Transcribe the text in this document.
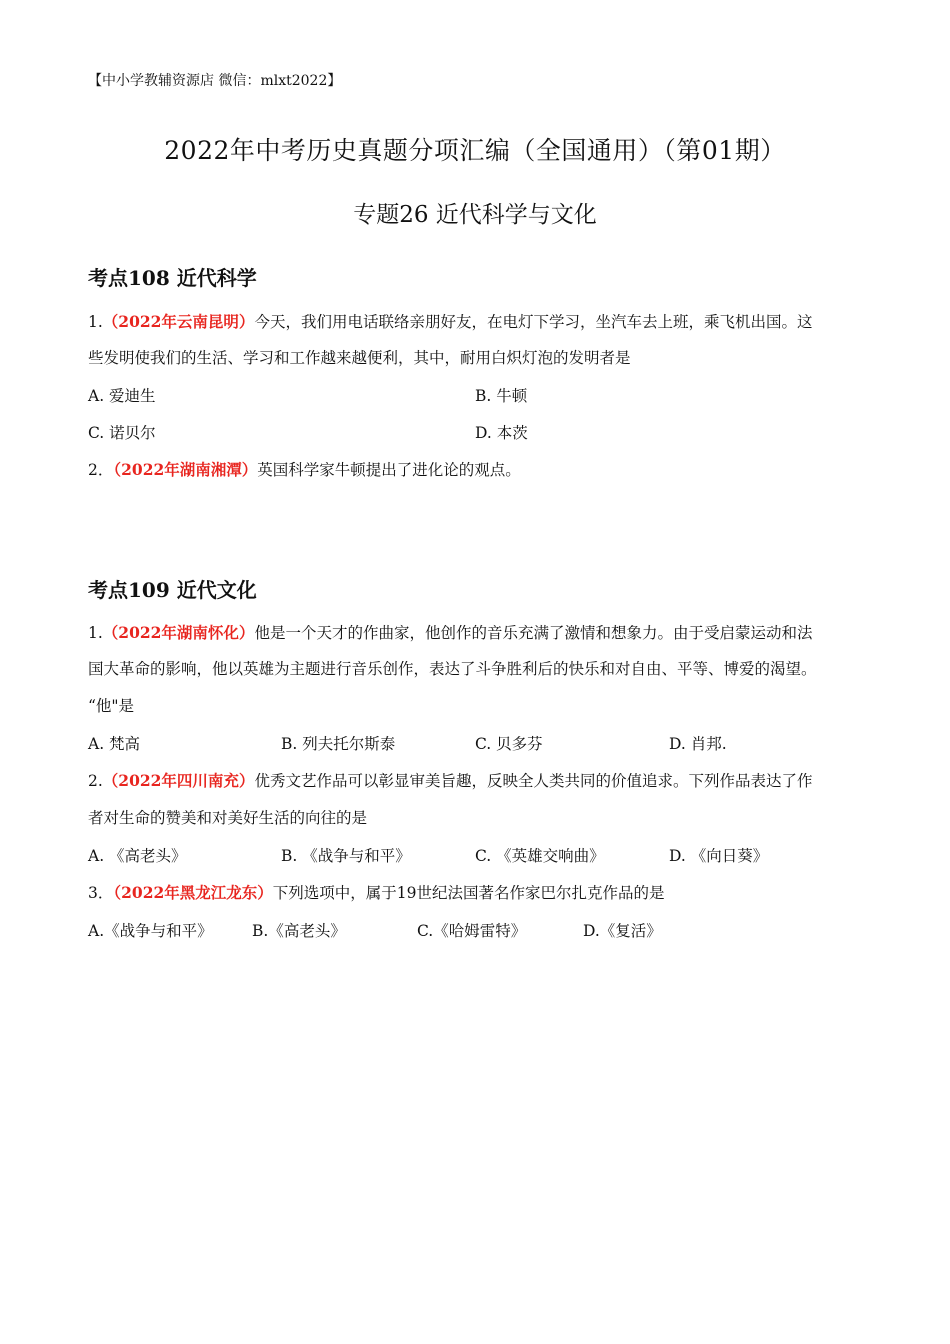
【中小学教辅资源店 微信：mlxt2022】
2022年中考历史真题分项汇编（全国通用）（第01期）
专题26 近代科学与文化
考点108 近代科学
1.（2022年云南昆明）今天，我们用电话联络亲朋好友，在电灯下学习，坐汽车去上班，乘飞机出国。这
些发明使我们的生活、学习和工作越来越便利，其中，耐用白炽灯泡的发明者是
A. 爱迪生	B. 牛顿
C. 诺贝尔	D. 本茨
2．（2022年湖南湘潭）英国科学家牛顿提出了进化论的观点。
考点109 近代文化
1.（2022年湖南怀化）他是一个天才的作曲家，他创作的音乐充满了激情和想象力。由于受启蒙运动和法
国大革命的影响，他以英雄为主题进行音乐创作，表达了斗争胜利后的快乐和对自由、平等、博爱的渴望。
“他"是
A. 梵高	B. 列夫托尔斯泰	C. 贝多芬	D. 肖邦.
2.（2022年四川南充）优秀文艺作品可以彰显审美旨趣，反映全人类共同的价值追求。下列作品表达了作
者对生命的赞美和对美好生活的向往的是
A. 《高老头》	B. 《战争与和平》	C. 《英雄交响曲》	D. 《向日葵》
3．（2022年黑龙江龙东）下列选项中，属于19世纪法国著名作家巴尔扎克作品的是
A.《战争与和平》	B.《高老头》	C.《哈姆雷特》	D.《复活》
